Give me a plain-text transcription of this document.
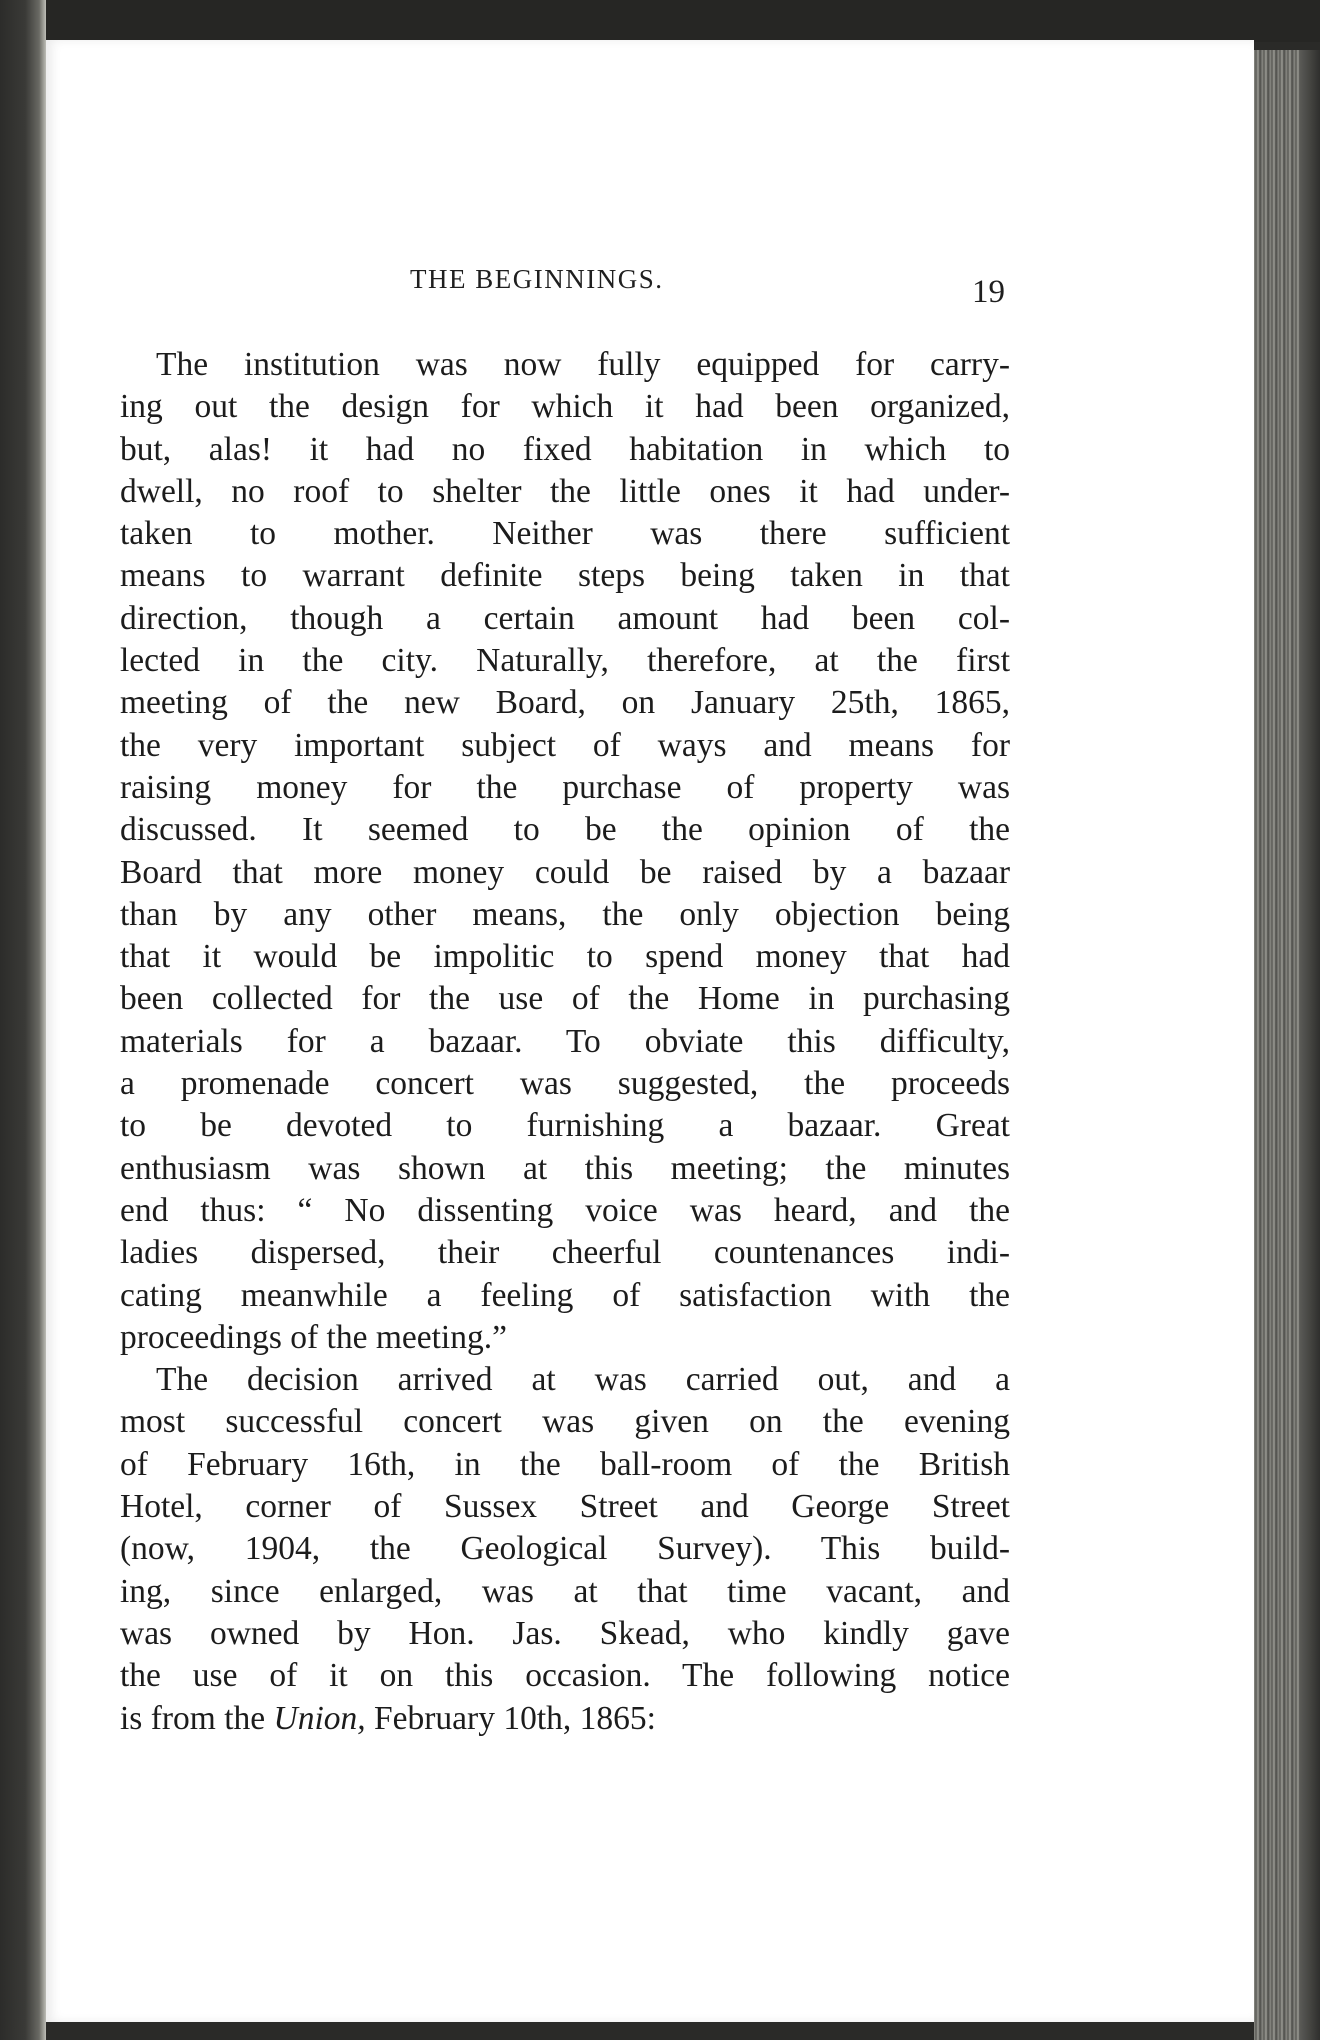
THE BEGINNINGS.	19
The institution was now fully equipped for carry-
ing out the design for which it had been organized,
but, alas! it had no fixed habitation in which to
dwell, no roof to shelter the little ones it had under-
taken to mother. Neither was there sufficient
means to warrant definite steps being taken in that
direction, though a certain amount had been col-
lected in the city. Naturally, therefore, at the first
meeting of the new Board, on January 25th, 1865,
the very important subject of ways and means for
raising money for the purchase of property was
discussed. It seemed to be the opinion of the
Board that more money could be raised by a bazaar
than by any other means, the only objection being
that it would be impolitic to spend money that had
been collected for the use of the Home in purchasing
materials for a bazaar. To obviate this difficulty,
a promenade concert was suggested, the proceeds
to be devoted to furnishing a bazaar. Great
enthusiasm was shown at this meeting; the minutes
end thus: “ No dissenting voice was heard, and the
ladies dispersed, their cheerful countenances indi-
cating meanwhile a feeling of satisfaction with the
proceedings of the meeting.”
The decision arrived at was carried out, and a
most successful concert was given on the evening
of February 16th, in the ball-room of the British
Hotel, corner of Sussex Street and George Street
(now, 1904, the Geological Survey). This build-
ing, since enlarged, was at that time vacant, and
was owned by Hon. Jas. Skead, who kindly gave
the use of it on this occasion. The following notice
is from the Union, February 10th, 1865:
